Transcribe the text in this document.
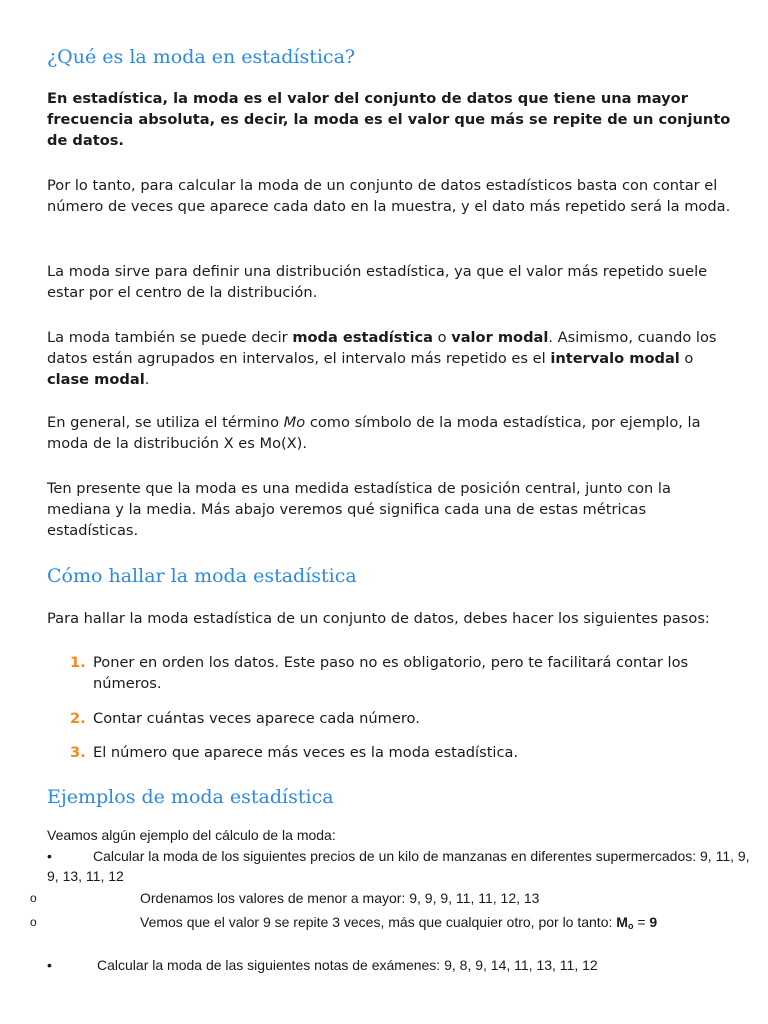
¿Qué es la moda en estadística?

En estadística, la moda es el valor del conjunto de datos que tiene una mayor frecuencia absoluta, es decir, la moda es el valor que más se repite de un conjunto de datos.

Por lo tanto, para calcular la moda de un conjunto de datos estadísticos basta con contar el número de veces que aparece cada dato en la muestra, y el dato más repetido será la moda.

La moda sirve para definir una distribución estadística, ya que el valor más repetido suele estar por el centro de la distribución.

La moda también se puede decir moda estadística o valor modal. Asimismo, cuando los datos están agrupados en intervalos, el intervalo más repetido es el intervalo modal o clase modal.

En general, se utiliza el término Mo como símbolo de la moda estadística, por ejemplo, la moda de la distribución X es Mo(X).

Ten presente que la moda es una medida estadística de posición central, junto con la mediana y la media. Más abajo veremos qué significa cada una de estas métricas estadísticas.

Cómo hallar la moda estadística

Para hallar la moda estadística de un conjunto de datos, debes hacer los siguientes pasos:

1. Poner en orden los datos. Este paso no es obligatorio, pero te facilitará contar los números.
2. Contar cuántas veces aparece cada número.
3. El número que aparece más veces es la moda estadística.
Ejemplos de moda estadística
Veamos algún ejemplo del cálculo de la moda:
•	Calcular la moda de los siguientes precios de un kilo de manzanas en diferentes supermercados: 9, 11, 9, 9, 13, 11, 12
o	Ordenamos los valores de menor a mayor: 9, 9, 9, 11, 11, 12, 13
o	Vemos que el valor 9 se repite 3 veces, más que cualquier otro, por lo tanto: $M_o = 9$
•	Calcular la moda de las siguientes notas de exámenes: 9, 8, 9, 14, 11, 13, 11, 12
